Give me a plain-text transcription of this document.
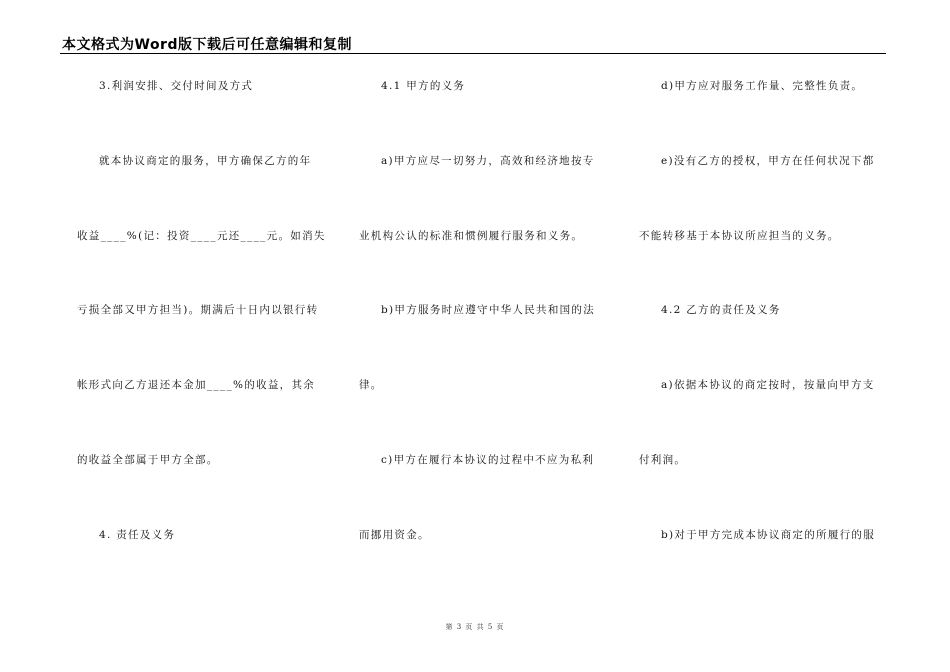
本文格式为Word版下载后可任意编辑和复制
3.利润安排、交付时间及方式
就本协议商定的服务，甲方确保乙方的年
收益____%(记：投资____元还____元。如消失
亏损全部又甲方担当)。期满后十日内以银行转
帐形式向乙方退还本金加____%的收益，其余
的收益全部属于甲方全部。
4. 责任及义务
4.1 甲方的义务
a)甲方应尽一切努力，高效和经济地按专
业机构公认的标准和惯例履行服务和义务。
b)甲方服务时应遵守中华人民共和国的法
律。
c)甲方在履行本协议的过程中不应为私利
而挪用资金。
d)甲方应对服务工作量、完整性负责。
e)没有乙方的授权，甲方在任何状况下都
不能转移基于本协议所应担当的义务。
4.2 乙方的责任及义务
a)依据本协议的商定按时，按量向甲方支
付利润。
b)对于甲方完成本协议商定的所履行的服
第 3 页 共 5 页
